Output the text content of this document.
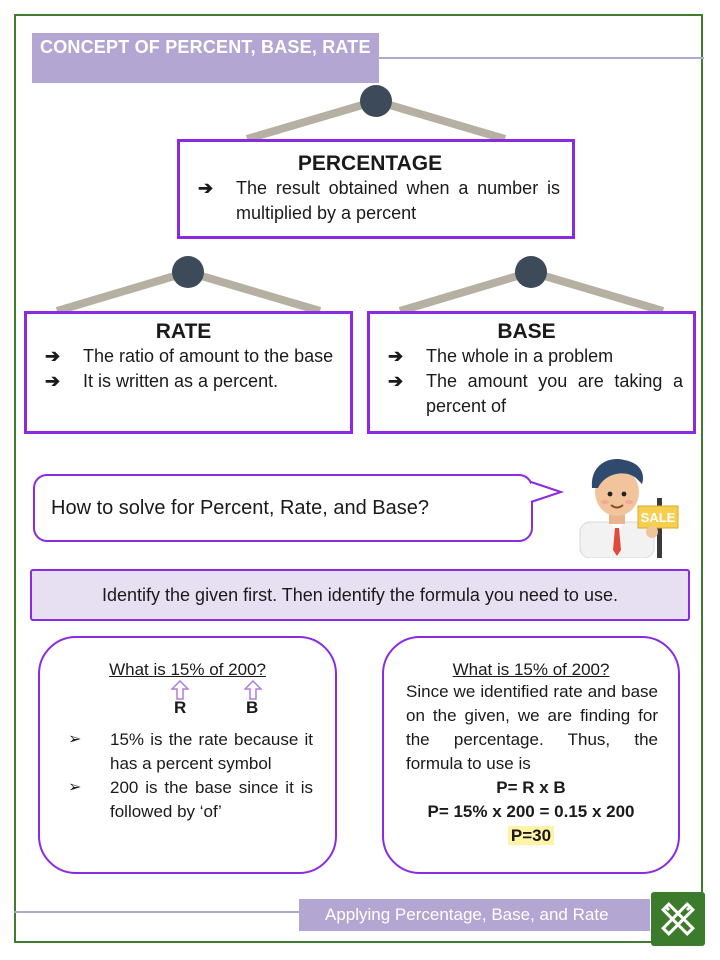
CONCEPT OF PERCENT, BASE, RATE
PERCENTAGE
➔ The result obtained when a number is multiplied by a percent
RATE
➔ The ratio of amount to the base
➔ It is written as a percent.
BASE
➔ The whole in a problem
➔ The amount you are taking a percent of
How to solve for Percent, Rate, and Base?	SALE
Identify the given first. Then identify the formula you need to use.
What is 15% of 200?
R	B
➢ 15% is the rate because it has a percent symbol
➢ 200 is the base since it is followed by ‘of’
What is 15% of 200?
Since we identified rate and base on the given, we are finding for the percentage. Thus, the formula to use is
P= R x B
P= 15% x 200 = 0.15 x 200
P=30
Applying Percentage, Base, and Rate
